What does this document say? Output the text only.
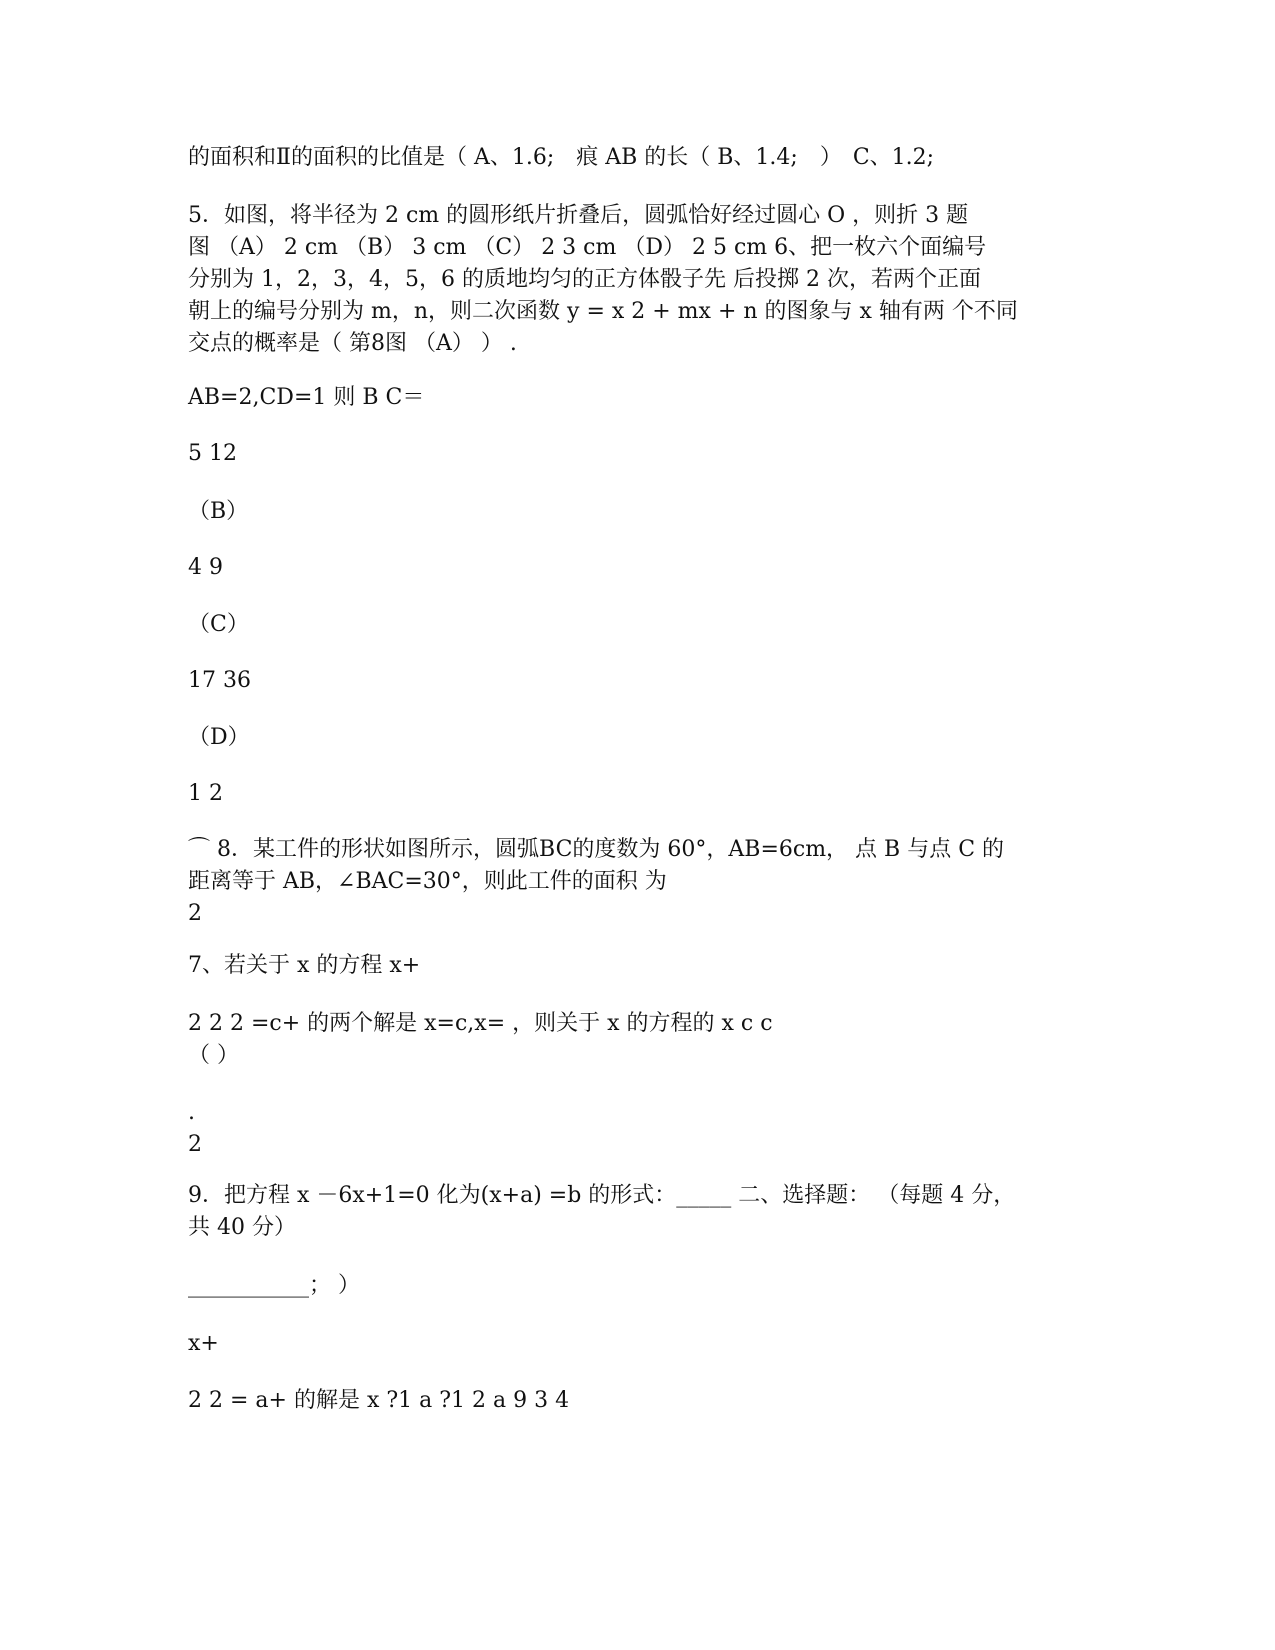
的面积和Ⅱ的面积的比值是（ A、1.6;　痕 AB 的长（ B、1.4;　）　C、1.2;

5．如图，将半径为 2 cm 的圆形纸片折叠后，圆弧恰好经过圆心 O ，则折 3 题
图 （A） 2 cm （B） 3 cm （C） 2 3 cm （D） 2 5 cm 6、把一枚六个面编号
分别为 1，2，3，4，5，6 的质地均匀的正方体骰子先 后投掷 2 次，若两个正面
朝上的编号分别为 m，n，则二次函数 y = x 2 + mx + n 的图象与 x 轴有两 个不同
交点的概率是（ 第8图 （A） ） .

AB=2,CD=1 则 B C＝

5 12

（B）

4 9

（C）

17 36

（D）

1 2

⌒ 8．某工件的形状如图所示，圆弧BC的度数为 60°，AB=6cm， 点 B 与点 C 的
距离等于 AB，∠BAC=30°，则此工件的面积 为
2

7、若关于 x 的方程 x+

2 2 2 =c+ 的两个解是 x=c,x= ，则关于 x 的方程的 x c c
（ ）

.
2

9．把方程 x －6x+1=0 化为(x+a) =b 的形式：_____ 二、选择题： （每题 4 分，
共 40 分）

___________； ）

x+

2 2 = a+ 的解是 x ?1 a ?1 2 a 9 3 4
